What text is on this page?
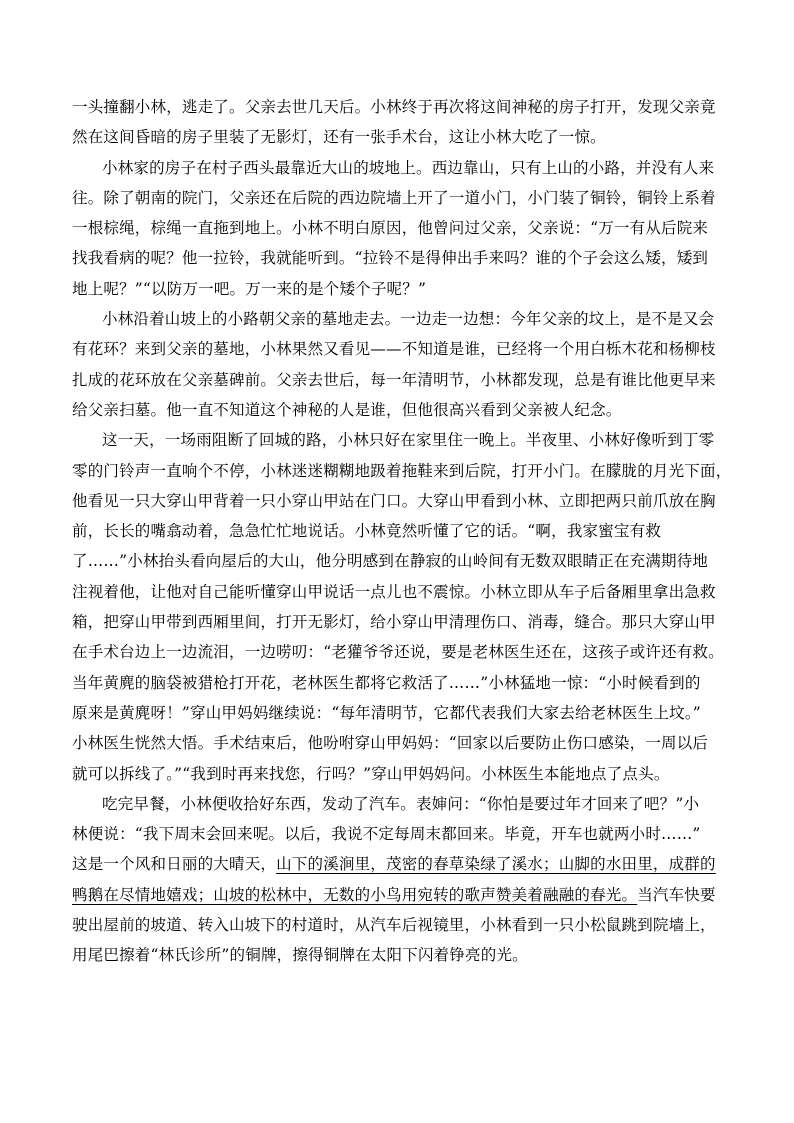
一头撞翻小林，逃走了。父亲去世几天后。小林终于再次将这间神秘的房子打开，发现父亲竟
然在这间昏暗的房子里装了无影灯，还有一张手术台，这让小林大吃了一惊。
小林家的房子在村子西头最靠近大山的坡地上。西边靠山，只有上山的小路，并没有人来
往。除了朝南的院门，父亲还在后院的西边院墙上开了一道小门，小门装了铜铃，铜铃上系着
一根棕绳，棕绳一直拖到地上。小林不明白原因，他曾问过父亲，父亲说：“万一有从后院来
找我看病的呢？他一拉铃，我就能听到。“拉铃不是得伸出手来吗？谁的个子会这么矮，矮到
地上呢？”“以防万一吧。万一来的是个矮个子呢？”
小林沿着山坡上的小路朝父亲的墓地走去。一边走一边想：今年父亲的坟上，是不是又会
有花环？来到父亲的墓地，小林果然又看见——不知道是谁，已经将一个用白栎木花和杨柳枝
扎成的花环放在父亲墓碑前。父亲去世后，每一年清明节，小林都发现，总是有谁比他更早来
给父亲扫墓。他一直不知道这个神秘的人是谁，但他很高兴看到父亲被人纪念。
这一天，一场雨阻断了回城的路，小林只好在家里住一晚上。半夜里、小林好像听到丁零
零的门铃声一直响个不停，小林迷迷糊糊地趿着拖鞋来到后院，打开小门。在朦胧的月光下面，
他看见一只大穿山甲背着一只小穿山甲站在门口。大穿山甲看到小林、立即把两只前爪放在胸
前，长长的嘴翕动着，急急忙忙地说话。小林竟然听懂了它的话。“啊，我家蜜宝有救
了……”小林抬头看向屋后的大山，他分明感到在静寂的山岭间有无数双眼睛正在充满期待地
注视着他，让他对自己能听懂穿山甲说话一点儿也不震惊。小林立即从车子后备厢里拿出急救
箱，把穿山甲带到西厢里间，打开无影灯，给小穿山甲清理伤口、消毒，缝合。那只大穿山甲
在手术台边上一边流泪，一边唠叨：“老獾爷爷还说，要是老林医生还在，这孩子或许还有救。
当年黄麂的脑袋被猎枪打开花，老林医生都将它救活了……”小林猛地一惊：“小时候看到的
原来是黄麂呀！”穿山甲妈妈继续说：“每年清明节，它都代表我们大家去给老林医生上坟。”
小林医生恍然大悟。手术结束后，他吩咐穿山甲妈妈：“回家以后要防止伤口感染，一周以后
就可以拆线了。”“我到时再来找您，行吗？”穿山甲妈妈问。小林医生本能地点了点头。
吃完早餐，小林便收拾好东西，发动了汽车。表婶问：“你怕是要过年才回来了吧？”小
林便说：“我下周末会回来呢。以后，我说不定每周末都回来。毕竟，开车也就两小时……”
这是一个风和日丽的大晴天，山下的溪涧里，茂密的春草染绿了溪水；山脚的水田里，成群的
鸭鹅在尽情地嬉戏；山坡的松林中，无数的小鸟用宛转的歌声赞美着融融的春光。当汽车快要
驶出屋前的坡道、转入山坡下的村道时，从汽车后视镜里，小林看到一只小松鼠跳到院墙上，
用尾巴擦着“林氏诊所”的铜牌，擦得铜牌在太阳下闪着铮亮的光。
